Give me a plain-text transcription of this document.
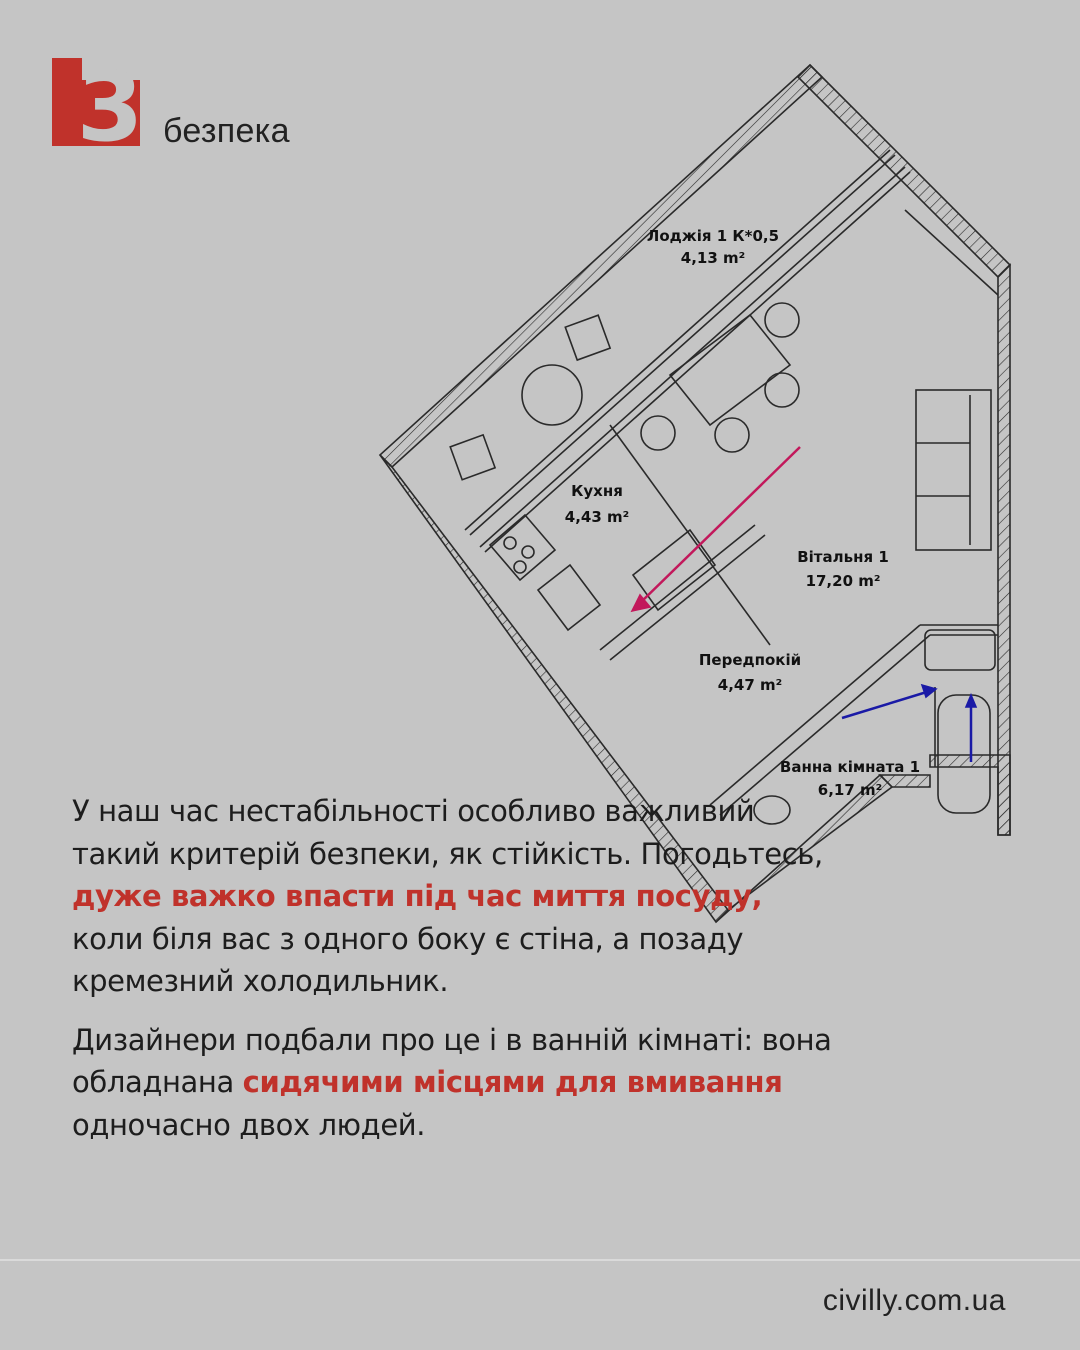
3 безпека
Лоджія 1 К*0,5
4,13 m²
Кухня
4,43 m²
Вітальня 1
17,20 m²
Передпокій
4,47 m²
Ванна кімната 1
6,17 m²

У наш час нестабільності особливо важливий такий критерій безпеки, як стійкість. Погодьтесь, дуже важко впасти під час миття посуду, коли біля вас з одного боку є стіна, а позаду кремезний холодильник.

Дизайнери подбали про це і в ванній кімнаті: вона обладнана сидячими місцями для вмивання одночасно двох людей.

civilly.com.ua
